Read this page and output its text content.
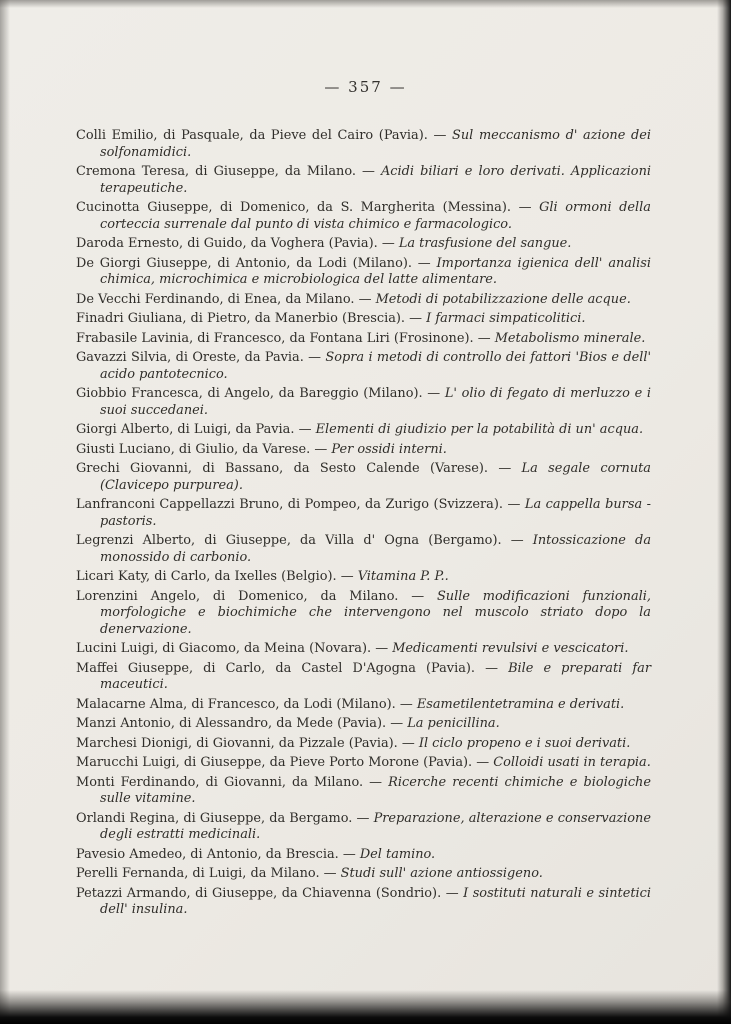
— 357 —
Colli Emilio, di Pasquale, da Pieve del Cairo (Pavia). — Sul meccanismo d' azione dei solfonamidici.
Cremona Teresa, di Giuseppe, da Milano. — Acidi biliari e loro derivati. Applicazioni terapeutiche.
Cucinotta Giuseppe, di Domenico, da S. Margherita (Messina). — Gli ormoni della corteccia surrenale dal punto di vista chimico e farmacologico.
Daroda Ernesto, di Guido, da Voghera (Pavia). — La trasfusione del sangue.
De Giorgi Giuseppe, di Antonio, da Lodi (Milano). — Importanza igienica dell' analisi chimica, microchimica e microbiologica del latte alimentare.
De Vecchi Ferdinando, di Enea, da Milano. — Metodi di potabilizzazione delle acque.
Finadri Giuliana, di Pietro, da Manerbio (Brescia). — I farmaci simpaticolitici.
Frabasile Lavinia, di Francesco, da Fontana Liri (Frosinone). — Metabolismo minerale.
Gavazzi Silvia, di Oreste, da Pavia. — Sopra i metodi di controllo dei fattori 'Bios e dell' acido pantotecnico.
Giobbio Francesca, di Angelo, da Bareggio (Milano). — L' olio di fegato di merluzzo e i suoi succedanei.
Giorgi Alberto, di Luigi, da Pavia. — Elementi di giudizio per la potabilità di un' acqua.
Giusti Luciano, di Giulio, da Varese. — Per ossidi interni.
Grechi Giovanni, di Bassano, da Sesto Calende (Varese). — La segale cornuta (Clavicepo purpurea).
Lanfranconi Cappellazzi Bruno, di Pompeo, da Zurigo (Svizzera). — La cappella bursa - pastoris.
Legrenzi Alberto, di Giuseppe, da Villa d' Ogna (Bergamo). — Intossicazione da monossido di carbonio.
Licari Katy, di Carlo, da Ixelles (Belgio). — Vitamina P. P..
Lorenzini Angelo, di Domenico, da Milano. — Sulle modificazioni funzionali, morfologiche e biochimiche che intervengono nel muscolo striato dopo la denervazione.
Lucini Luigi, di Giacomo, da Meina (Novara). — Medicamenti revulsivi e vescicatori.
Maffei Giuseppe, di Carlo, da Castel D'Agogna (Pavia). — Bile e preparati far maceutici.
Malacarne Alma, di Francesco, da Lodi (Milano). — Esametilentetramina e derivati.
Manzi Antonio, di Alessandro, da Mede (Pavia). — La penicillina.
Marchesi Dionigi, di Giovanni, da Pizzale (Pavia). — Il ciclo propeno e i suoi derivati.
Marucchi Luigi, di Giuseppe, da Pieve Porto Morone (Pavia). — Colloidi usati in terapia.
Monti Ferdinando, di Giovanni, da Milano. — Ricerche recenti chimiche e biologiche sulle vitamine.
Orlandi Regina, di Giuseppe, da Bergamo. — Preparazione, alterazione e conservazione degli estratti medicinali.
Pavesio Amedeo, di Antonio, da Brescia. — Del tamino.
Perelli Fernanda, di Luigi, da Milano. — Studi sull' azione antiossigeno.
Petazzi Armando, di Giuseppe, da Chiavenna (Sondrio). — I sostituti naturali e sintetici dell' insulina.
